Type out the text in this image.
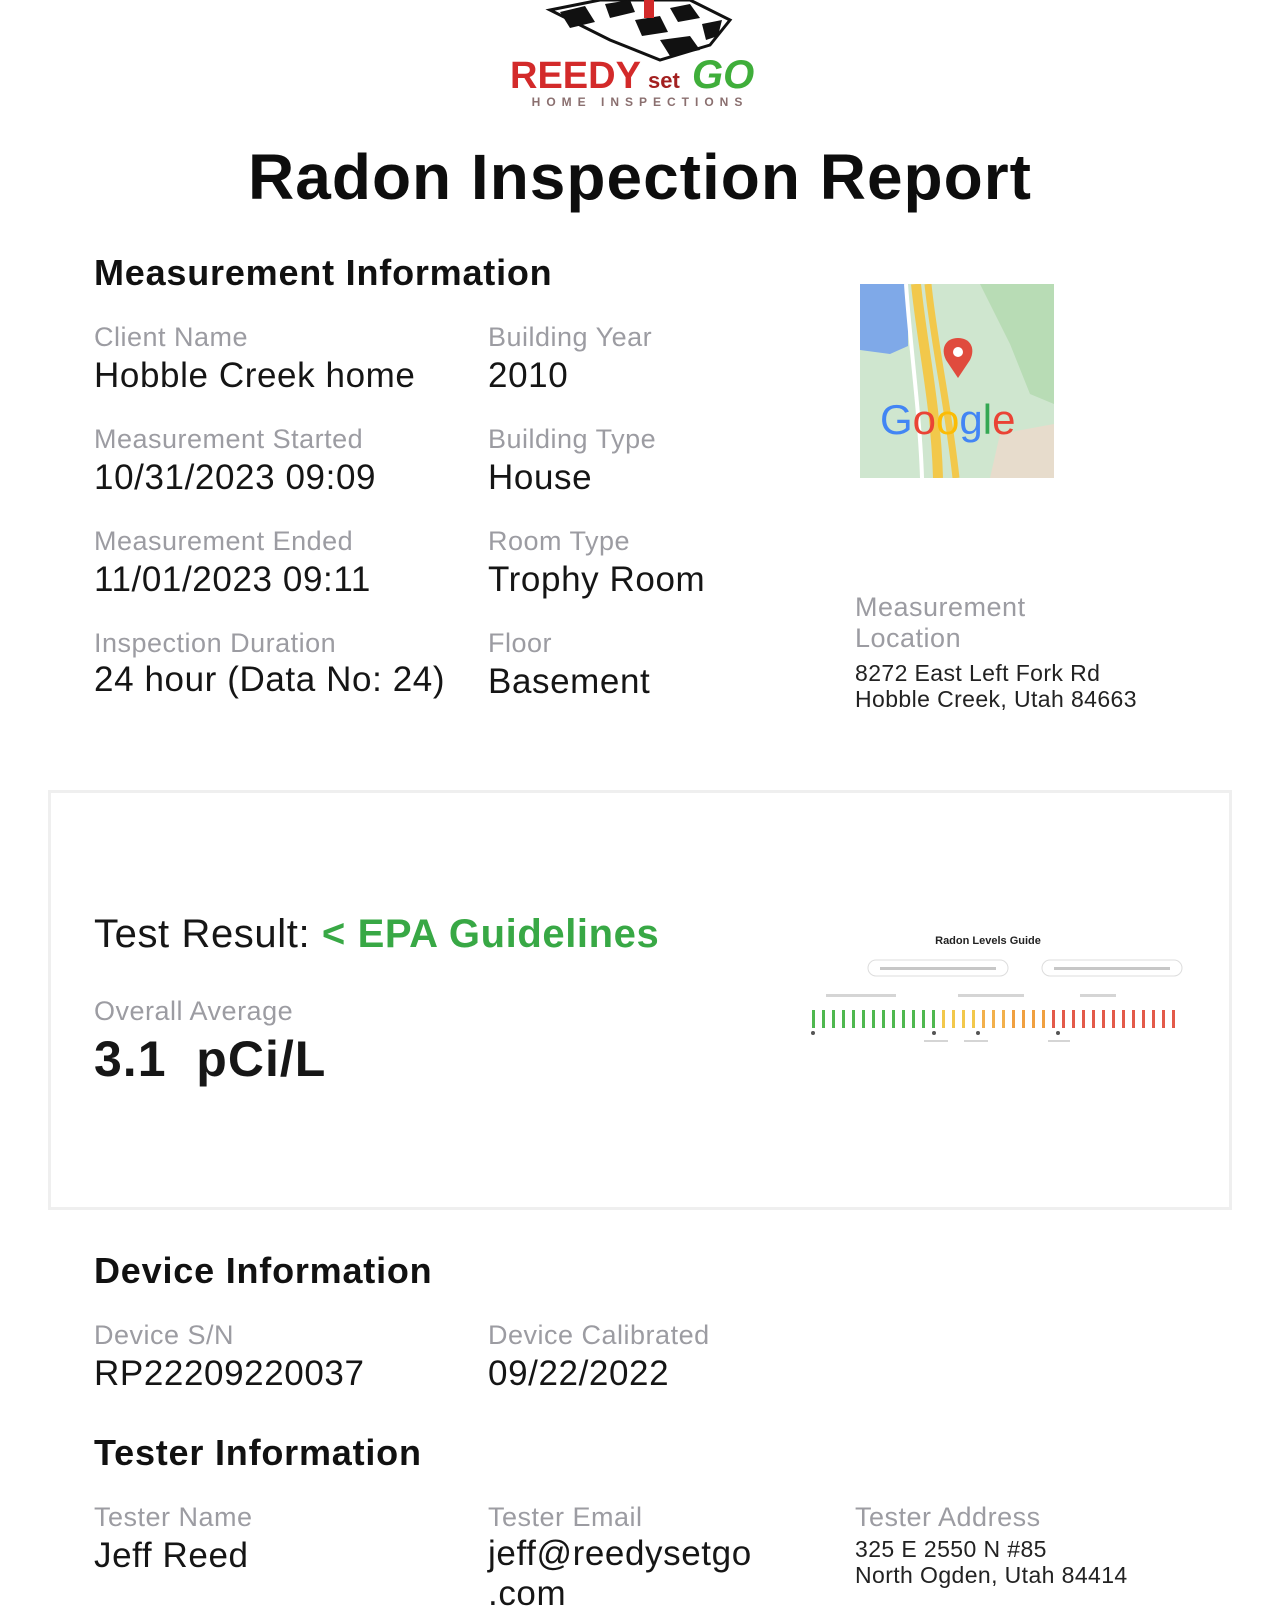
REEDY set GO
HOME INSPECTIONS
Radon Inspection Report
Measurement Information
Client Name
Hobble Creek home
Building Year
2010
Measurement Started
10/31/2023 09:09
Building Type
House
Measurement Ended
11/01/2023 09:11
Room Type
Trophy Room
Inspection Duration
24 hour (Data No: 24)
Floor
Basement
Google
Measurement Location
8272 East Left Fork Rd
Hobble Creek, Utah 84663
Test Result: < EPA Guidelines
Overall Average
3.1  pCi/L
Radon Levels Guide
Device Information
Device S/N
RP22209220037
Device Calibrated
09/22/2022
Tester Information
Tester Name
Jeff Reed
Tester Email
jeff@reedysetgo
.com
Tester Address
325 E 2550 N #85
North Ogden, Utah 84414
